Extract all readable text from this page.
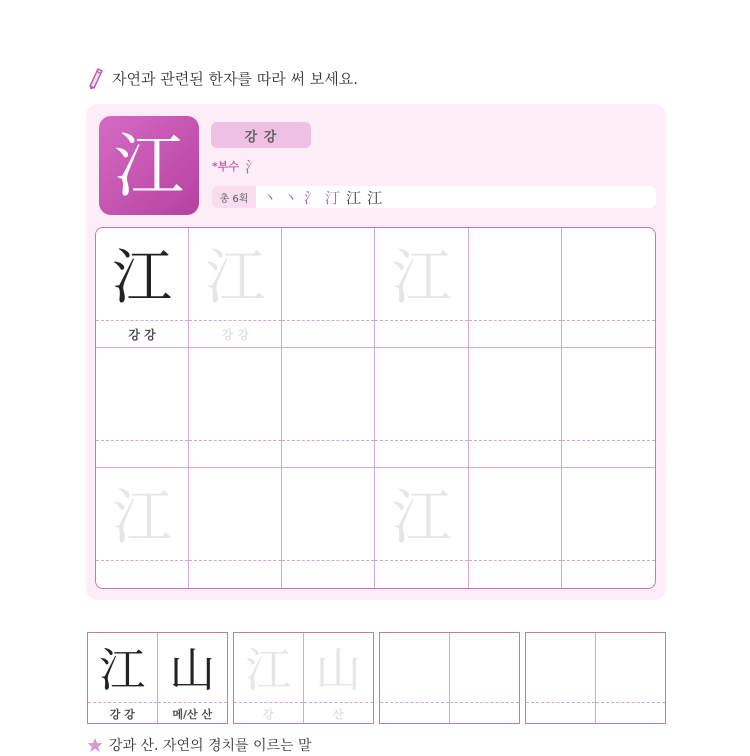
자연과 관련된 한자를 따라 써 보세요.
江	강 강
*부수 氵
총 6획 丶 丶 氵 汀 江 江
江
강 강
江
강 강
江
江	江
江
강 강
山
메/산 산
江
강
山
산
강과 산. 자연의 경치를 이르는 말
